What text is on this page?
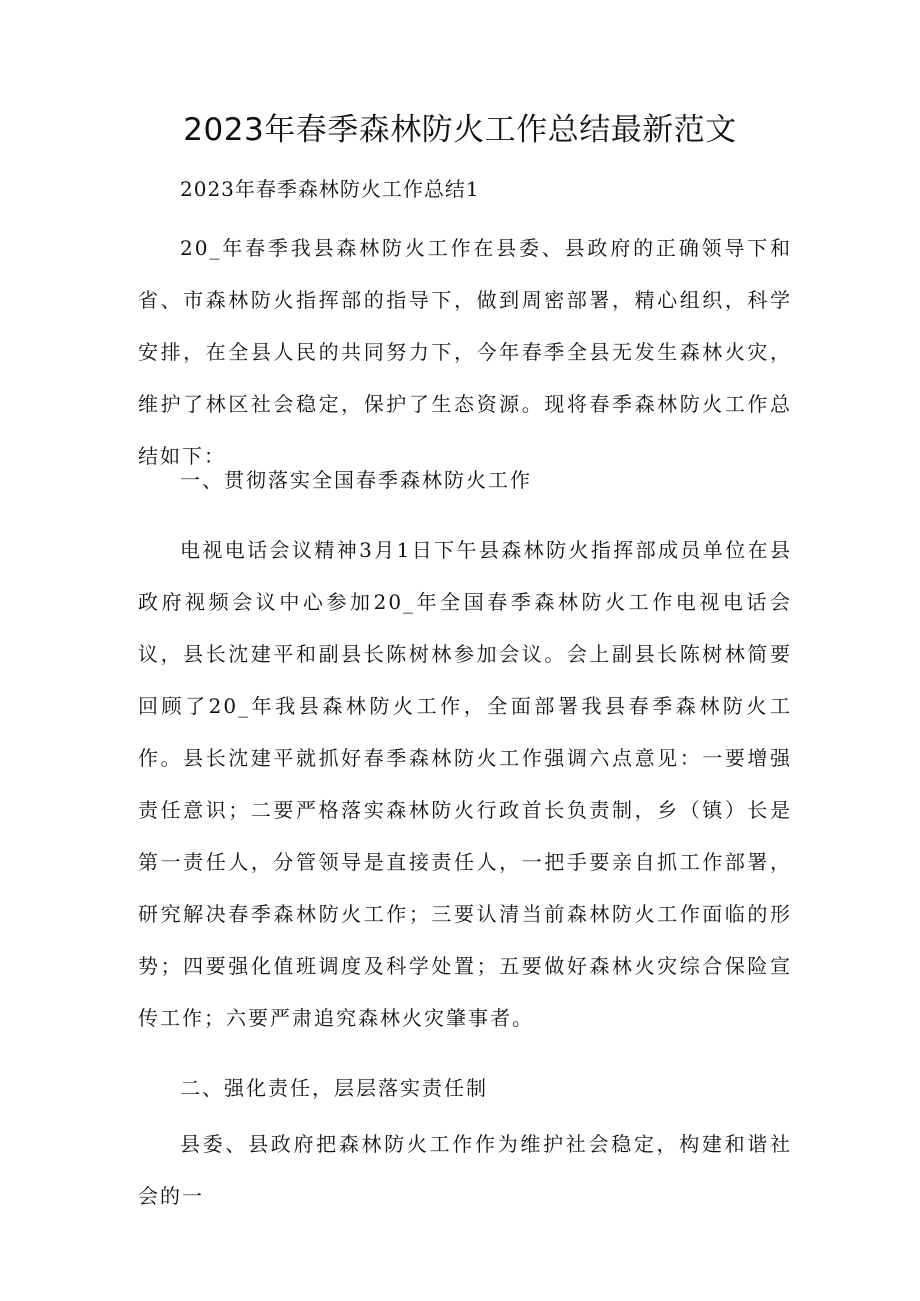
2023年春季森林防火工作总结最新范文

2023年春季森林防火工作总结1

20_年春季我县森林防火工作在县委、县政府的正确领导下和省、市森林防火指挥部的指导下，做到周密部署，精心组织，科学安排，在全县人民的共同努力下，今年春季全县无发生森林火灾，维护了林区社会稳定，保护了生态资源。现将春季森林防火工作总结如下：

一、贯彻落实全国春季森林防火工作

电视电话会议精神3月1日下午县森林防火指挥部成员单位在县政府视频会议中心参加20_年全国春季森林防火工作电视电话会议，县长沈建平和副县长陈树林参加会议。会上副县长陈树林简要回顾了20_年我县森林防火工作，全面部署我县春季森林防火工作。县长沈建平就抓好春季森林防火工作强调六点意见：一要增强责任意识；二要严格落实森林防火行政首长负责制，乡（镇）长是第一责任人，分管领导是直接责任人，一把手要亲自抓工作部署，研究解决春季森林防火工作；三要认清当前森林防火工作面临的形势；四要强化值班调度及科学处置；五要做好森林火灾综合保险宣传工作；六要严肃追究森林火灾肇事者。

二、强化责任，层层落实责任制

县委、县政府把森林防火工作作为维护社会稳定，构建和谐社会的一
